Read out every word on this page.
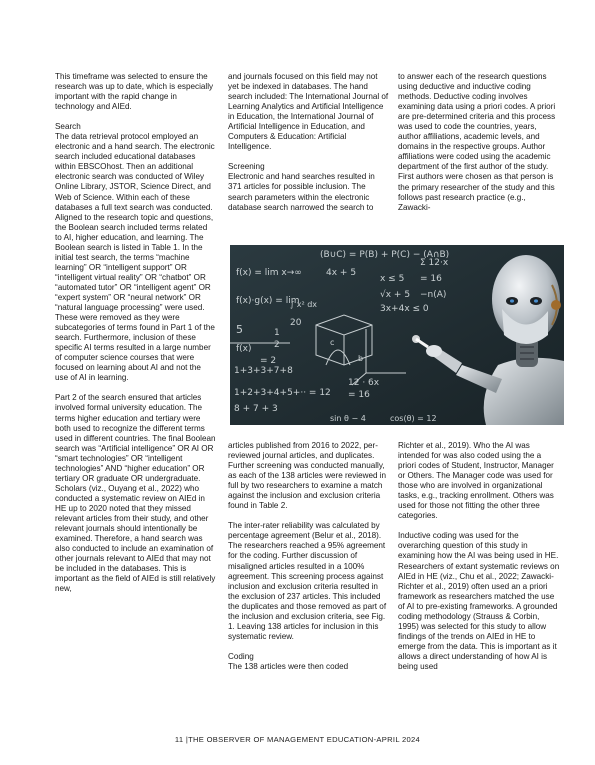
This timeframe was selected to ensure the research was up to date, which is especially important with the rapid change in technology and AIEd.

Search

The data retrieval protocol employed an electronic and a hand search. The electronic search included educational databases within EBSCOhost. Then an additional electronic search was conducted of Wiley Online Library, JSTOR, Science Direct, and Web of Science. Within each of these databases a full text search was conducted. Aligned to the research topic and questions, the Boolean search included terms related to AI, higher education, and learning. The Boolean search is listed in Table 1. In the initial test search, the terms “machine learning” OR “intelligent support” OR “intelligent virtual reality” OR “chatbot” OR “automated tutor” OR “intelligent agent” OR “expert system” OR “neural network” OR “natural language processing” were used. These were removed as they were subcategories of terms found in Part 1 of the search. Furthermore, inclusion of these specific AI terms resulted in a large number of computer science courses that were focused on learning about AI and not the use of AI in learning.

Part 2 of the search ensured that articles involved formal university education. The terms higher education and tertiary were both used to recognize the different terms used in different countries. The final Boolean search was “Artificial intelligence” OR AI OR “smart technologies” OR “intelligent technologies” AND “higher education” OR tertiary OR graduate OR undergraduate. Scholars (viz., Ouyang et al., 2022) who conducted a systematic review on AIEd in HE up to 2020 noted that they missed relevant articles from their study, and other relevant journals should intentionally be examined. Therefore, a hand search was also conducted to include an examination of other journals relevant to AIEd that may not be included in the databases. This is important as the field of AIEd is still relatively new,

and journals focused on this field may not yet be indexed in databases. The hand search included: The International Journal of Learning Analytics and Artificial Intelligence in Education, the International Journal of Artificial Intelligence in Education, and Computers & Education: Artificial Intelligence.

Screening

Electronic and hand searches resulted in 371 articles for possible inclusion. The search parameters within the electronic database search narrowed the search to

to answer each of the research questions using deductive and inductive coding methods. Deductive coding involves examining data using a priori codes. A priori are pre-determined criteria and this process was used to code the countries, years, author affiliations, academic levels, and domains in the respective groups. Author affiliations were coded using the academic department of the first author of the study. First authors were chosen as that person is the primary researcher of the study and this follows past research practice (e.g., Zawacki-

(B∪C) = P(B) + P(C) − (A∩B)
f(x) = lim x→∞
x ≤ 5
Σ 12·x
√x + 5
= 16
4x + 5
∫ x² dx
f(x)·g(x) = lim
−n(A)
20
3x+4x ≤ 0
5
1+3+3+7+8
12 · 6x
= 16
1+2+3+4+5+·· = 12
sin θ − 4	cos(θ) = 12
8 + 7 + 3
f(x)
= 2
1
2
b
c

articles published from 2016 to 2022, per-reviewed journal articles, and duplicates. Further screening was conducted manually, as each of the 138 articles were reviewed in full by two researchers to examine a match against the inclusion and exclusion criteria found in Table 2.

The inter-rater reliability was calculated by percentage agreement (Belur et al., 2018). The researchers reached a 95% agreement for the coding. Further discussion of misaligned articles resulted in a 100% agreement. This screening process against inclusion and exclusion criteria resulted in the exclusion of 237 articles. This included the duplicates and those removed as part of the inclusion and exclusion criteria, see Fig. 1. Leaving 138 articles for inclusion in this systematic review.

Coding

The 138 articles were then coded

Richter et al., 2019). Who the AI was intended for was also coded using the a priori codes of Student, Instructor, Manager or Others. The Manager code was used for those who are involved in organizational tasks, e.g., tracking enrollment. Others was used for those not fitting the other three categories.

Inductive coding was used for the overarching question of this study in examining how the AI was being used in HE. Researchers of extant systematic reviews on AIEd in HE (viz., Chu et al., 2022; Zawacki-Richter et al., 2019) often used an a priori framework as researchers matched the use of AI to pre-existing frameworks. A grounded coding methodology (Strauss & Corbin, 1995) was selected for this study to allow findings of the trends on AIEd in HE to emerge from the data. This is important as it allows a direct understanding of how AI is being used

11 |THE OBSERVER OF MANAGEMENT EDUCATION-APRIL 2024
